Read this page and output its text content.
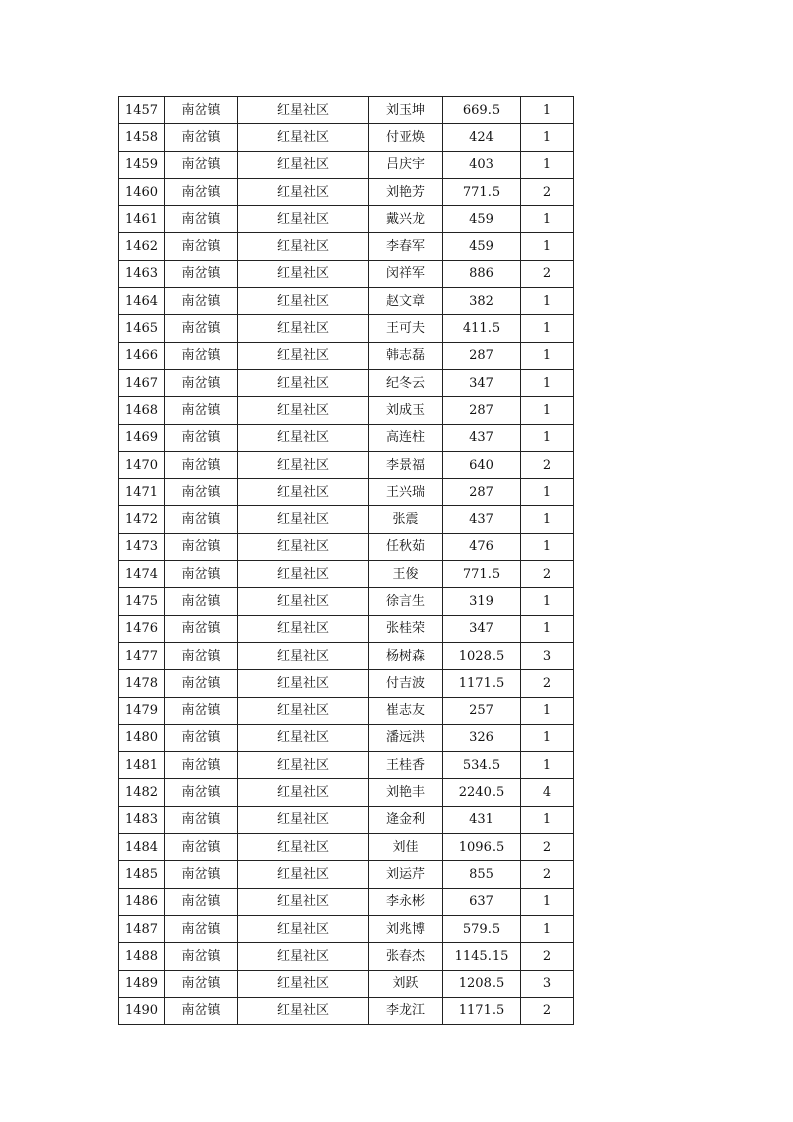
1457	南岔镇	红星社区	刘玉坤	669.5	1
1458	南岔镇	红星社区	付亚焕	424	1
1459	南岔镇	红星社区	吕庆宇	403	1
1460	南岔镇	红星社区	刘艳芳	771.5	2
1461	南岔镇	红星社区	戴兴龙	459	1
1462	南岔镇	红星社区	李春军	459	1
1463	南岔镇	红星社区	闵祥军	886	2
1464	南岔镇	红星社区	赵文章	382	1
1465	南岔镇	红星社区	王可夫	411.5	1
1466	南岔镇	红星社区	韩志磊	287	1
1467	南岔镇	红星社区	纪冬云	347	1
1468	南岔镇	红星社区	刘成玉	287	1
1469	南岔镇	红星社区	高连柱	437	1
1470	南岔镇	红星社区	李景福	640	2
1471	南岔镇	红星社区	王兴瑞	287	1
1472	南岔镇	红星社区	张震	437	1
1473	南岔镇	红星社区	任秋茹	476	1
1474	南岔镇	红星社区	王俊	771.5	2
1475	南岔镇	红星社区	徐言生	319	1
1476	南岔镇	红星社区	张桂荣	347	1
1477	南岔镇	红星社区	杨树森	1028.5	3
1478	南岔镇	红星社区	付吉波	1171.5	2
1479	南岔镇	红星社区	崔志友	257	1
1480	南岔镇	红星社区	潘远洪	326	1
1481	南岔镇	红星社区	王桂香	534.5	1
1482	南岔镇	红星社区	刘艳丰	2240.5	4
1483	南岔镇	红星社区	逄金利	431	1
1484	南岔镇	红星社区	刘佳	1096.5	2
1485	南岔镇	红星社区	刘运芹	855	2
1486	南岔镇	红星社区	李永彬	637	1
1487	南岔镇	红星社区	刘兆博	579.5	1
1488	南岔镇	红星社区	张春杰	1145.15	2
1489	南岔镇	红星社区	刘跃	1208.5	3
1490	南岔镇	红星社区	李龙江	1171.5	2
